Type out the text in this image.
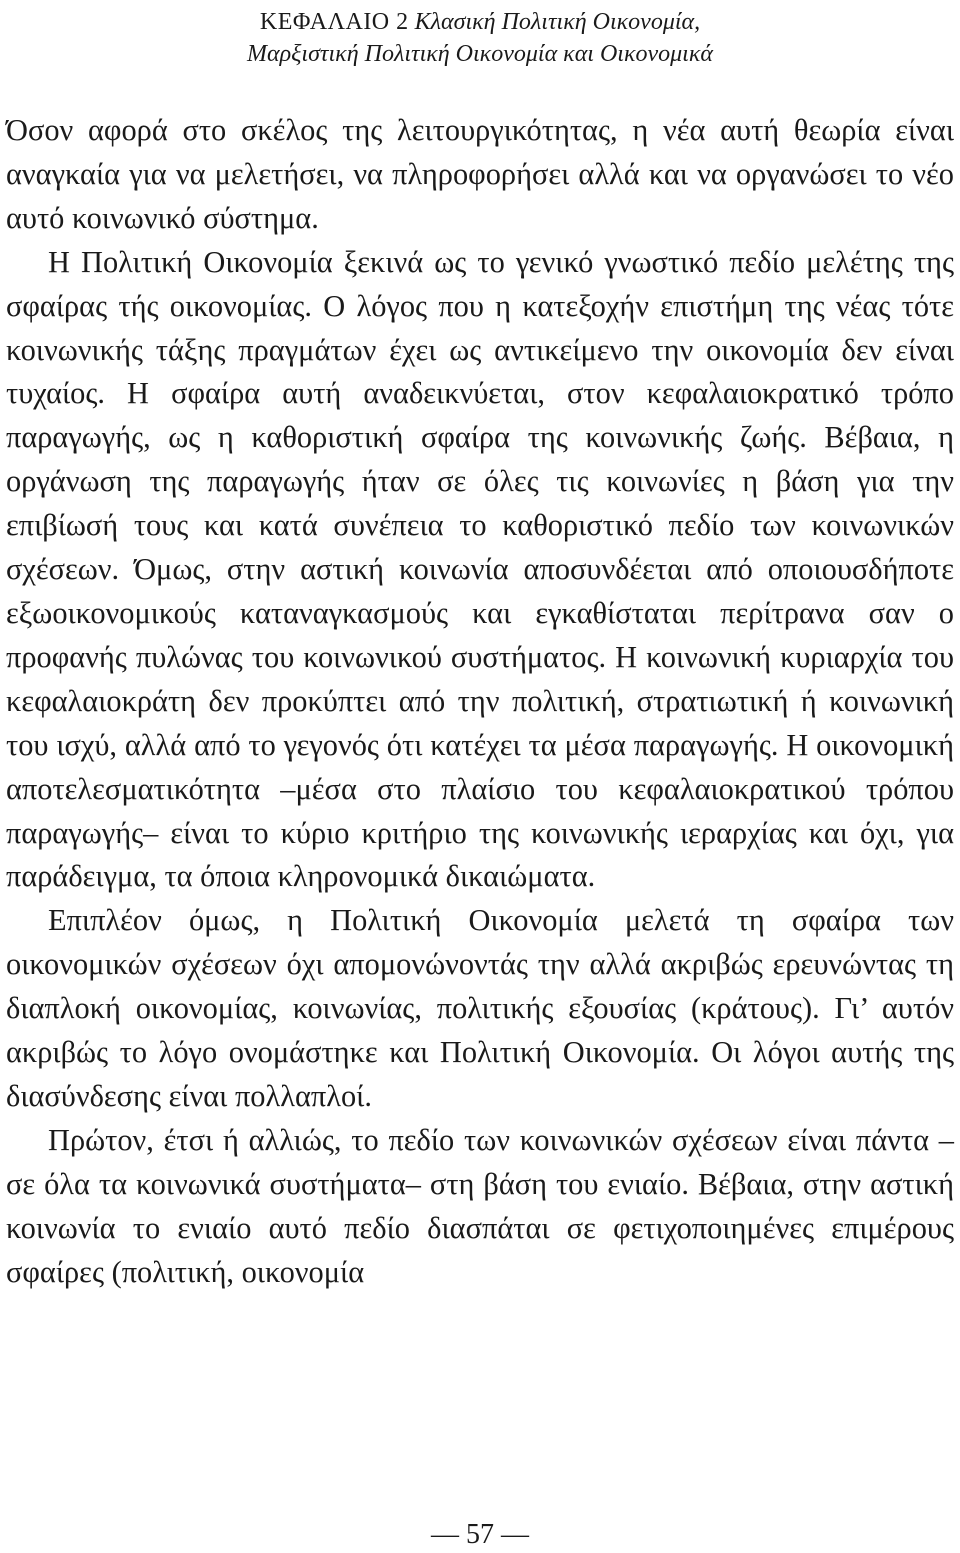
ΚΕΦΑΛΑΙΟ 2 Κλασική Πολιτική Οικονομία,
Μαρξιστική Πολιτική Οικονομία και Οικονομικά

Όσον αφορά στο σκέλος της λειτουργικότητας, η νέα αυτή θεωρία είναι αναγκαία για να μελετήσει, να πληροφορήσει αλλά και να οργανώσει το νέο αυτό κοινωνικό σύστημα.

Η Πολιτική Οικονομία ξεκινά ως το γενικό γνωστικό πεδίο μελέτης της σφαίρας τής οικονομίας. Ο λόγος που η κατεξοχήν επιστήμη της νέας τότε κοινωνικής τάξης πραγμάτων έχει ως αντικείμενο την οικονομία δεν είναι τυχαίος. Η σφαίρα αυτή αναδεικνύεται, στον κεφαλαιοκρατικό τρόπο παραγωγής, ως η καθοριστική σφαίρα της κοινωνικής ζωής. Βέβαια, η οργάνωση της παραγωγής ήταν σε όλες τις κοινωνίες η βάση για την επιβίωσή τους και κατά συνέπεια το καθοριστικό πεδίο των κοινωνικών σχέσεων. Όμως, στην αστική κοινωνία αποσυνδέεται από οποιουσδήποτε εξωοικονομικούς καταναγκασμούς και εγκαθίσταται περίτρανα σαν ο προφανής πυλώνας του κοινωνικού συστήματος. Η κοινωνική κυριαρχία του κεφαλαιοκράτη δεν προκύπτει από την πολιτική, στρατιωτική ή κοινωνική του ισχύ, αλλά από το γεγονός ότι κατέχει τα μέσα παραγωγής. Η οικονομική αποτελεσματικότητα –μέσα στο πλαίσιο του κεφαλαιοκρατικού τρόπου παραγωγής– είναι το κύριο κριτήριο της κοινωνικής ιεραρχίας και όχι, για παράδειγμα, τα όποια κληρονομικά δικαιώματα.

Επιπλέον όμως, η Πολιτική Οικονομία μελετά τη σφαίρα των οικονομικών σχέσεων όχι απομονώνοντάς την αλλά ακριβώς ερευνώντας τη διαπλοκή οικονομίας, κοινωνίας, πολιτικής εξουσίας (κράτους). Γι’ αυτόν ακριβώς το λόγο ονομάστηκε και Πολιτική Οικονομία. Οι λόγοι αυτής της διασύνδεσης είναι πολλαπλοί.

Πρώτον, έτσι ή αλλιώς, το πεδίο των κοινωνικών σχέσεων είναι πάντα –σε όλα τα κοινωνικά συστήματα– στη βάση του ενιαίο. Βέβαια, στην αστική κοινωνία το ενιαίο αυτό πεδίο διασπάται σε φετιχοποιημένες επιμέρους σφαίρες (πολιτική, οικονομία

— 57 —
